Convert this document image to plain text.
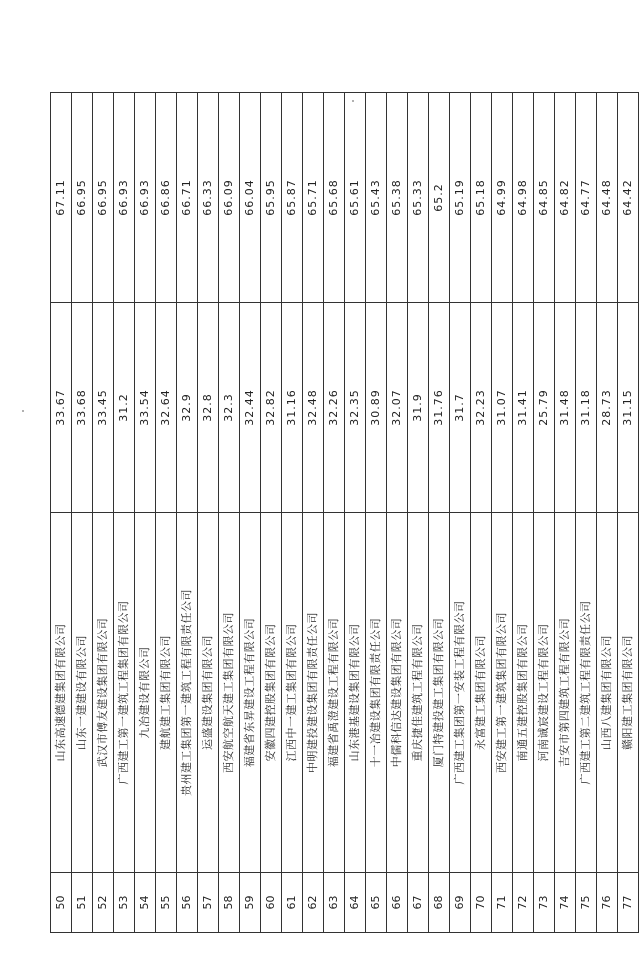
50	山东高速德建集团有限公司	33.67	67.11
51	山东一建建设有限公司	33.68	66.95
52	武汉市傅友建设集团有限公司	33.45	66.95
53	广西建工第一建筑工程集团有限公司	31.2	66.93
54	九冶建设有限公司	33.54	66.93
55	建航建工集团有限公司	32.64	66.86
56	贵州建工集团第一建筑工程有限责任公司	32.9	66.71
57	运盛建设集团有限公司	32.8	66.33
58	西安航空航天建工集团有限公司	32.3	66.09
59	福建省东昇建设工程有限公司	32.44	66.04
60	安徽四建控股集团有限公司	32.82	65.95
61	江西中一建工集团有限公司	31.16	65.87
62	中明建投建设集团有限责任公司	32.48	65.71
63	福建省禹澄建设工程有限公司	32.26	65.68
64	山东港基建设集团有限公司	32.35	65.61
65	十一冶建设集团有限责任公司	30.89	65.43
66	中儒科信达建设集团有限公司	32.07	65.38
67	重庆捷佳建筑工程有限公司	31.9	65.33
68	厦门特建投建工集团有限公司	31.76	65.2
69	广西建工集团第一安装工程有限公司	31.7	65.19
70	永富建工集团有限公司	32.23	65.18
71	西安建工第一建筑集团有限公司	31.07	64.99
72	南通五建控股集团有限公司	31.41	64.98
73	河南诚宸建设工程有限公司	25.79	64.85
74	吉安市第四建筑工程有限公司	31.48	64.82
75	广西建工第二建筑工程有限责任公司	31.18	64.77
76	山西八建集团有限公司	28.73	64.48
77	赣阳建工集团有限公司	31.15	64.42
